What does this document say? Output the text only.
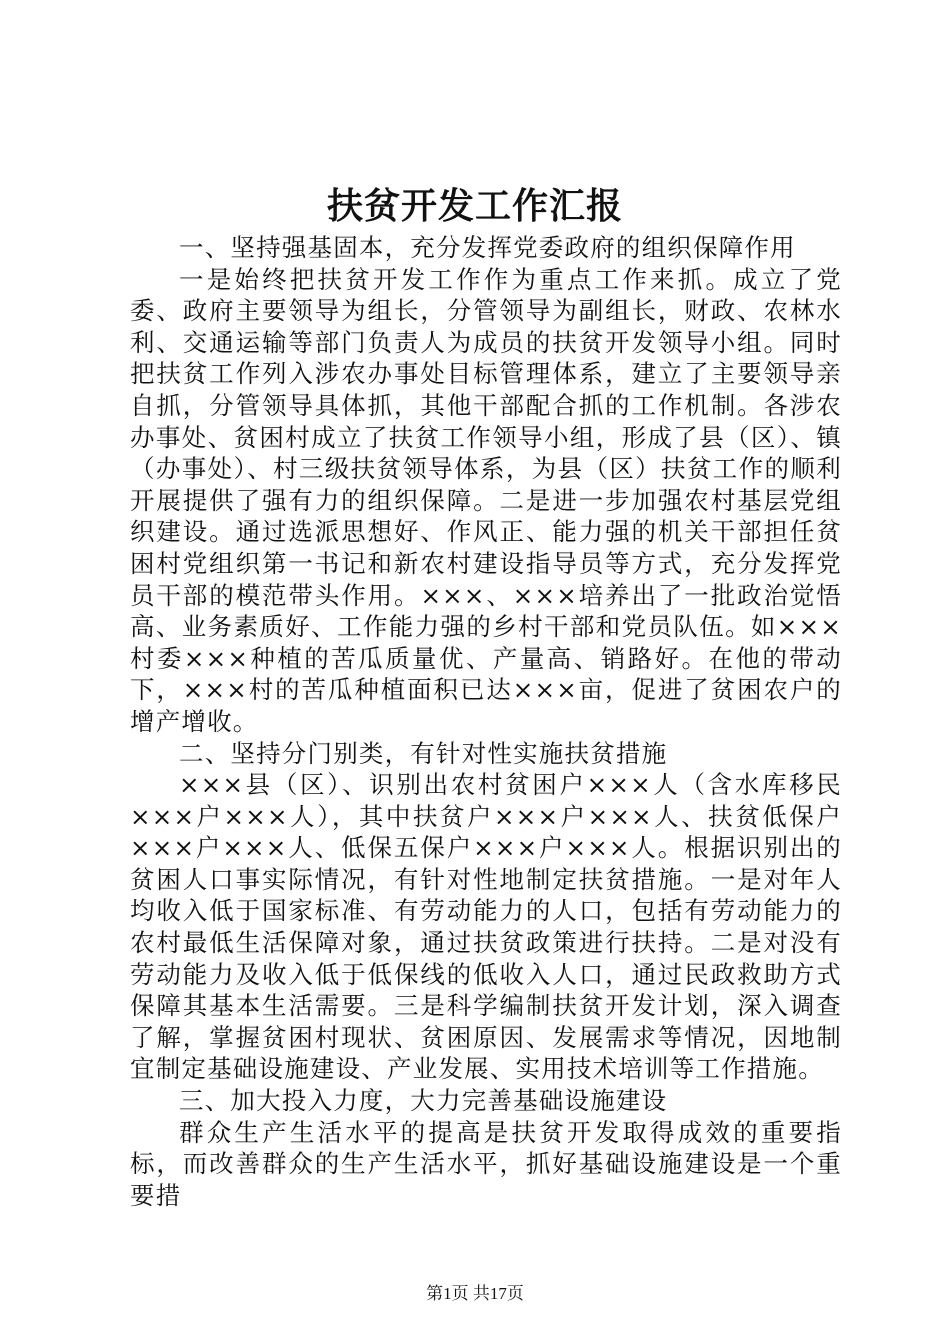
扶贫开发工作汇报

一、坚持强基固本，充分发挥党委政府的组织保障作用

一是始终把扶贫开发工作作为重点工作来抓。成立了党委、政府主要领导为组长，分管领导为副组长，财政、农林水利、交通运输等部门负责人为成员的扶贫开发领导小组。同时把扶贫工作列入涉农办事处目标管理体系，建立了主要领导亲自抓，分管领导具体抓，其他干部配合抓的工作机制。各涉农办事处、贫困村成立了扶贫工作领导小组，形成了县（区）、镇（办事处）、村三级扶贫领导体系，为县（区）扶贫工作的顺利开展提供了强有力的组织保障。二是进一步加强农村基层党组织建设。通过选派思想好、作风正、能力强的机关干部担任贫困村党组织第一书记和新农村建设指导员等方式，充分发挥党员干部的模范带头作用。×××、×××培养出了一批政治觉悟高、业务素质好、工作能力强的乡村干部和党员队伍。如×××村委×××种植的苦瓜质量优、产量高、销路好。在他的带动下，×××村的苦瓜种植面积已达×××亩，促进了贫困农户的增产增收。

二、坚持分门别类，有针对性实施扶贫措施

×××县（区）、识别出农村贫困户×××人（含水库移民×××户×××人），其中扶贫户×××户×××人、扶贫低保户×××户×××人、低保五保户×××户×××人。根据识别出的贫困人口事实际情况，有针对性地制定扶贫措施。一是对年人均收入低于国家标准、有劳动能力的人口，包括有劳动能力的农村最低生活保障对象，通过扶贫政策进行扶持。二是对没有劳动能力及收入低于低保线的低收入人口，通过民政救助方式保障其基本生活需要。三是科学编制扶贫开发计划，深入调查了解，掌握贫困村现状、贫困原因、发展需求等情况，因地制宜制定基础设施建设、产业发展、实用技术培训等工作措施。

三、加大投入力度，大力完善基础设施建设

群众生产生活水平的提高是扶贫开发取得成效的重要指标，而改善群众的生产生活水平，抓好基础设施建设是一个重要措

第1页 共17页
